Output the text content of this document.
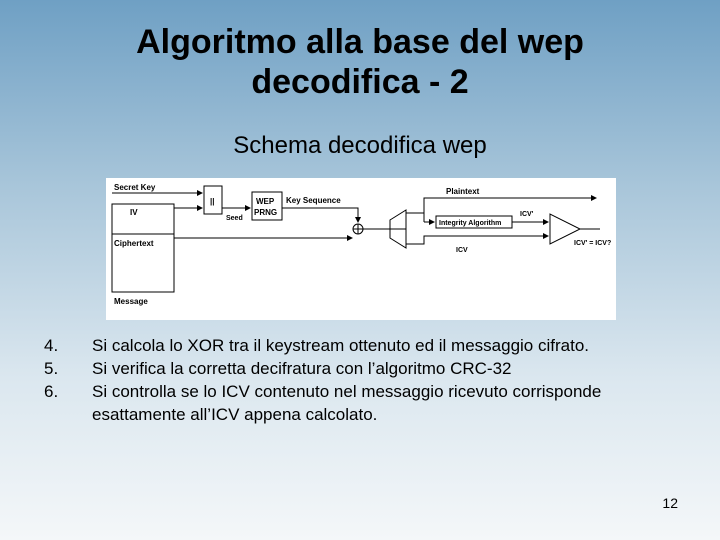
Algoritmo alla base del wep
decodifica - 2
Schema decodifica wep
Secret Key
IV
Ciphertext
Message
||
Seed
WEP
PRNG
Key Sequence
Plaintext
Integrity Algorithm
ICV'
ICV
ICV' = ICV?
4.	Si calcola lo XOR tra il keystream ottenuto ed il messaggio cifrato.
5.	Si verifica la corretta decifratura con l’algoritmo CRC-32
6.	Si controlla se lo ICV contenuto nel messaggio ricevuto corrisponde esattamente all’ICV appena calcolato.
12
